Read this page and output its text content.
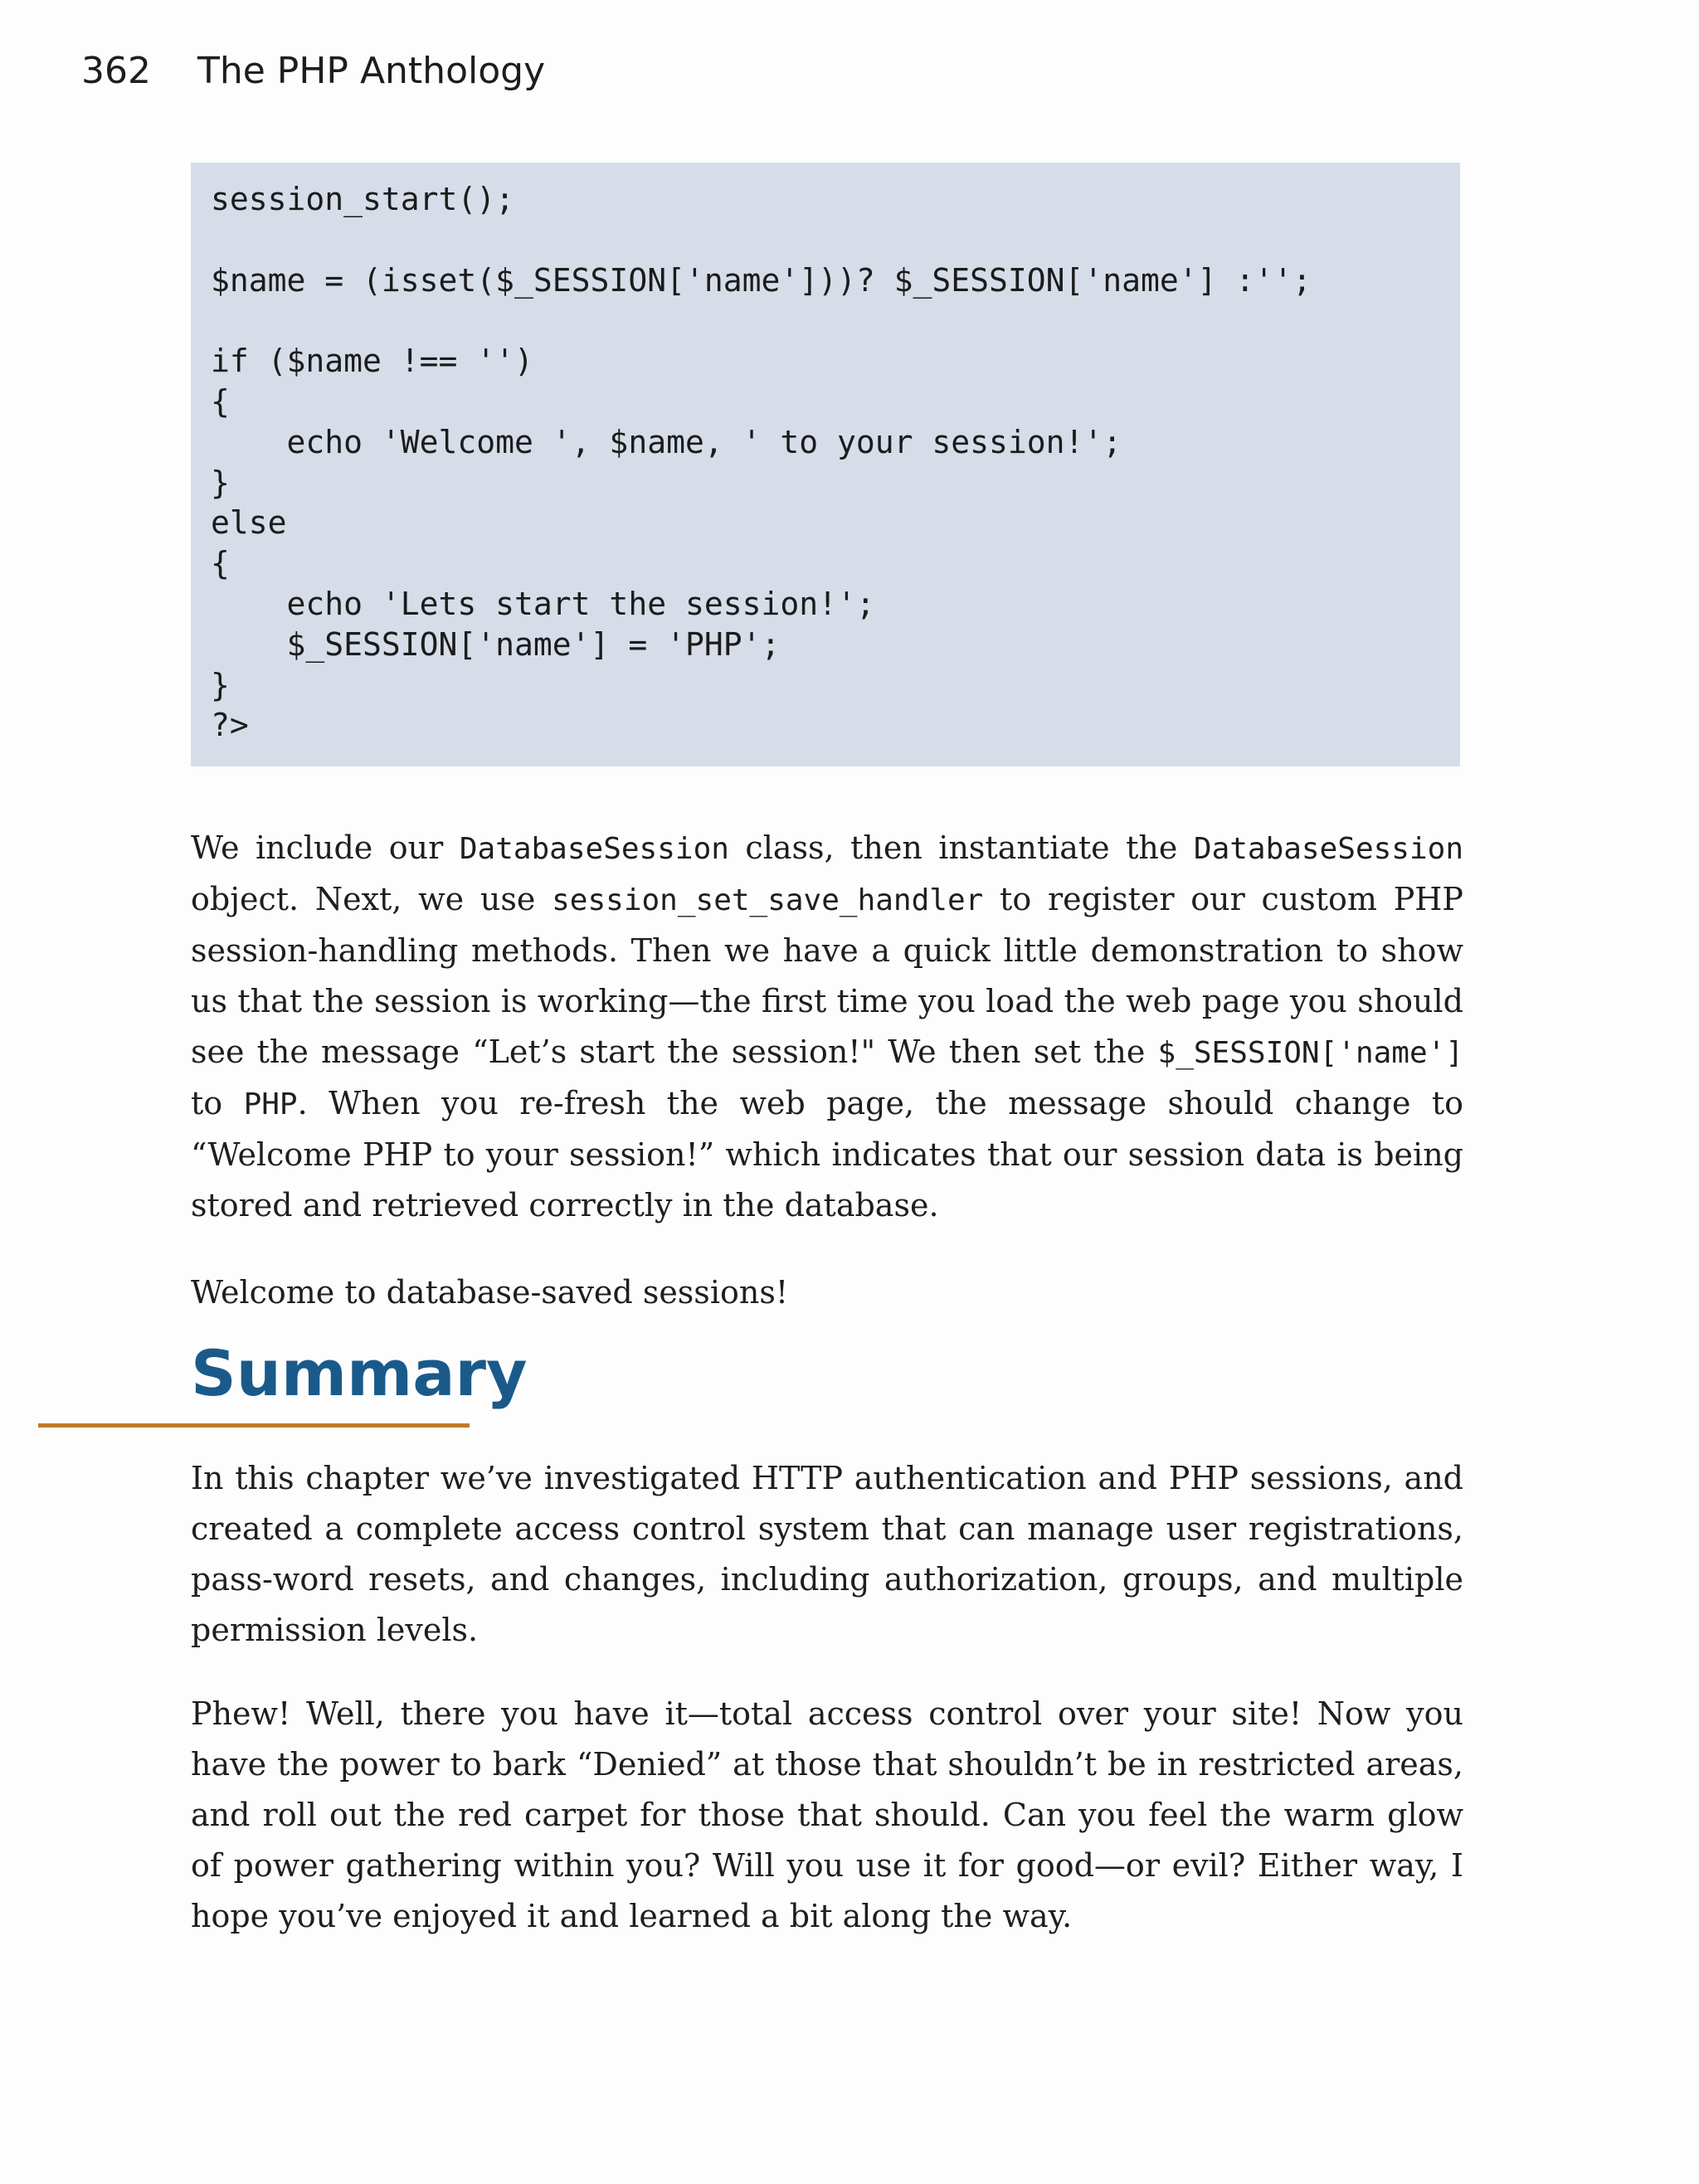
362 The PHP Anthology
session_start();

$name = (isset($_SESSION['name']))? $_SESSION['name'] :'';

if ($name !== '')
{
echo 'Welcome ', $name, ' to your session!';
}
else
{
echo 'Lets start the session!';
$_SESSION['name'] = 'PHP';
}
?>

We include our DatabaseSession class, then instantiate the DatabaseSession object. Next, we use session_set_save_handler to register our custom PHP session-handling methods. Then we have a quick little demonstration to show us that the session is working—the first time you load the web page you should see the message “Let’s start the session!" We then set the $_SESSION['name'] to PHP. When you re-fresh the web page, the message should change to “Welcome PHP to your session!” which indicates that our session data is being stored and retrieved correctly in the database.

Welcome to database-saved sessions!

Summary

In this chapter we’ve investigated HTTP authentication and PHP sessions, and created a complete access control system that can manage user registrations, pass-word resets, and changes, including authorization, groups, and multiple permission levels.

Phew! Well, there you have it—total access control over your site! Now you have the power to bark “Denied” at those that shouldn’t be in restricted areas, and roll out the red carpet for those that should. Can you feel the warm glow of power gathering within you? Will you use it for good—or evil? Either way, I hope you’ve enjoyed it and learned a bit along the way.
